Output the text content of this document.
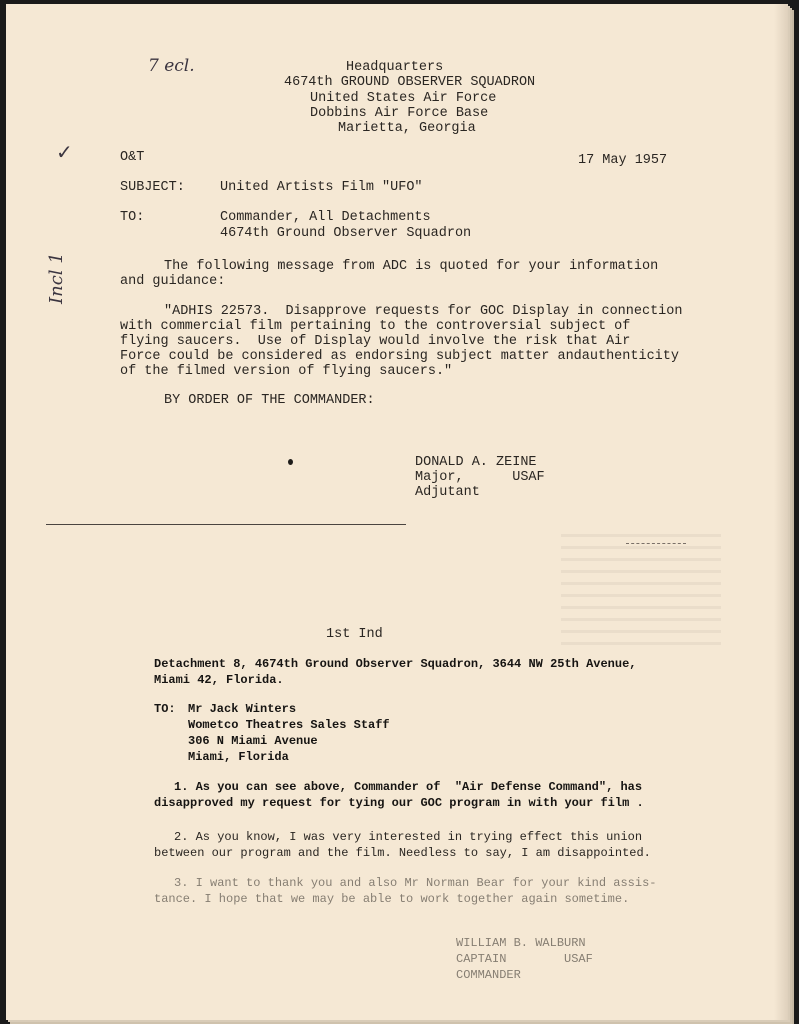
7 ecl.
✓
Incl 1
Headquarters
4674th GROUND OBSERVER SQUADRON
United States Air Force
Dobbins Air Force Base
Marietta, Georgia
O&T	17 May 1957
SUBJECT:	United Artists Film "UFO"
TO:	Commander, All Detachments
4674th Ground Observer Squadron
The following message from ADC is quoted for your information
and guidance:
"ADHIS 22573.  Disapprove requests for GOC Display in connection
with commercial film pertaining to the controversial subject of
flying saucers.  Use of Display would involve the risk that Air
Force could be considered as endorsing subject matter andauthenticity
of the filmed version of flying saucers."
BY ORDER OF THE COMMANDER:
DONALD A. ZEINE
Major,      USAF
Adjutant
1st Ind
Detachment 8, 4674th Ground Observer Squadron, 3644 NW 25th Avenue,
Miami 42, Florida.
TO: Mr Jack Winters
Wometco Theatres Sales Staff
306 N Miami Avenue
Miami, Florida
1. As you can see above, Commander of  "Air Defense Command", has
disapproved my request for tying our GOC program in with your film .
2. As you know, I was very interested in trying effect this union
between our program and the film. Needless to say, I am disappointed.
3. I want to thank you and also Mr Norman Bear for your kind assis-
tance. I hope that we may be able to work together again sometime.
WILLIAM B. WALBURN
CAPTAIN        USAF
COMMANDER
